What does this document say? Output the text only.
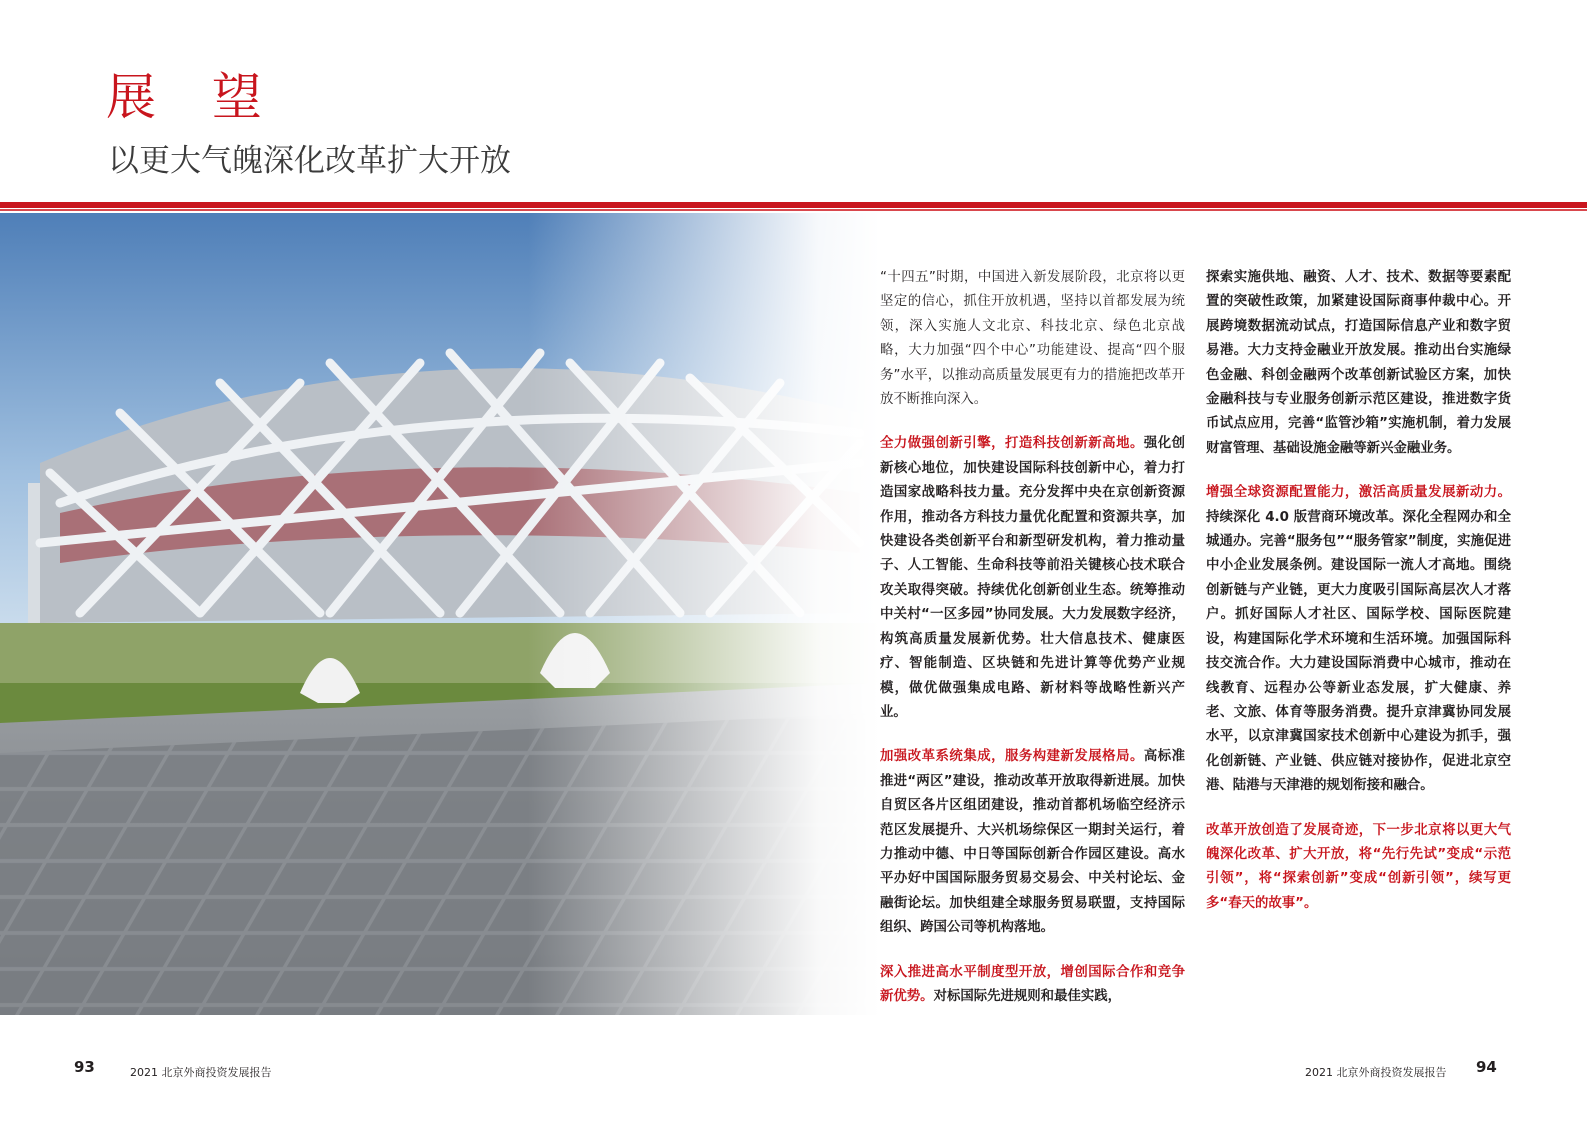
展 望
以更大气魄深化改革扩大开放

“十四五”时期，中国进入新发展阶段，北京将以更坚定的信心，抓住开放机遇，坚持以首都发展为统领，深入实施人文北京、科技北京、绿色北京战略，大力加强“四个中心”功能建设、提高“四个服务”水平，以推动高质量发展更有力的措施把改革开放不断推向深入。

全力做强创新引擎，打造科技创新新高地。强化创新核心地位，加快建设国际科技创新中心，着力打造国家战略科技力量。充分发挥中央在京创新资源作用，推动各方科技力量优化配置和资源共享，加快建设各类创新平台和新型研发机构，着力推动量子、人工智能、生命科技等前沿关键核心技术联合攻关取得突破。持续优化创新创业生态。统筹推动中关村“一区多园”协同发展。大力发展数字经济，构筑高质量发展新优势。壮大信息技术、健康医疗、智能制造、区块链和先进计算等优势产业规模，做优做强集成电路、新材料等战略性新兴产业。

加强改革系统集成，服务构建新发展格局。高标准推进“两区”建设，推动改革开放取得新进展。加快自贸区各片区组团建设，推动首都机场临空经济示范区发展提升、大兴机场综保区一期封关运行，着力推动中德、中日等国际创新合作园区建设。高水平办好中国国际服务贸易交易会、中关村论坛、金融街论坛。加快组建全球服务贸易联盟，支持国际组织、跨国公司等机构落地。

深入推进高水平制度型开放，增创国际合作和竞争新优势。对标国际先进规则和最佳实践，

探索实施供地、融资、人才、技术、数据等要素配置的突破性政策，加紧建设国际商事仲裁中心。开展跨境数据流动试点，打造国际信息产业和数字贸易港。大力支持金融业开放发展。推动出台实施绿色金融、科创金融两个改革创新试验区方案，加快金融科技与专业服务创新示范区建设，推进数字货币试点应用，完善“监管沙箱”实施机制，着力发展财富管理、基础设施金融等新兴金融业务。

增强全球资源配置能力，激活高质量发展新动力。持续深化 4.0 版营商环境改革。深化全程网办和全城通办。完善“服务包”“服务管家”制度，实施促进中小企业发展条例。建设国际一流人才高地。围绕创新链与产业链，更大力度吸引国际高层次人才落户。抓好国际人才社区、国际学校、国际医院建设，构建国际化学术环境和生活环境。加强国际科技交流合作。大力建设国际消费中心城市，推动在线教育、远程办公等新业态发展，扩大健康、养老、文旅、体育等服务消费。提升京津冀协同发展水平，以京津冀国家技术创新中心建设为抓手，强化创新链、产业链、供应链对接协作，促进北京空港、陆港与天津港的规划衔接和融合。

改革开放创造了发展奇迹，下一步北京将以更大气魄深化改革、扩大开放，将“先行先试”变成“示范引领”，将“探索创新”变成“创新引领”，续写更多“春天的故事”。

93	2021 北京外商投资发展报告	2021 北京外商投资发展报告 94
